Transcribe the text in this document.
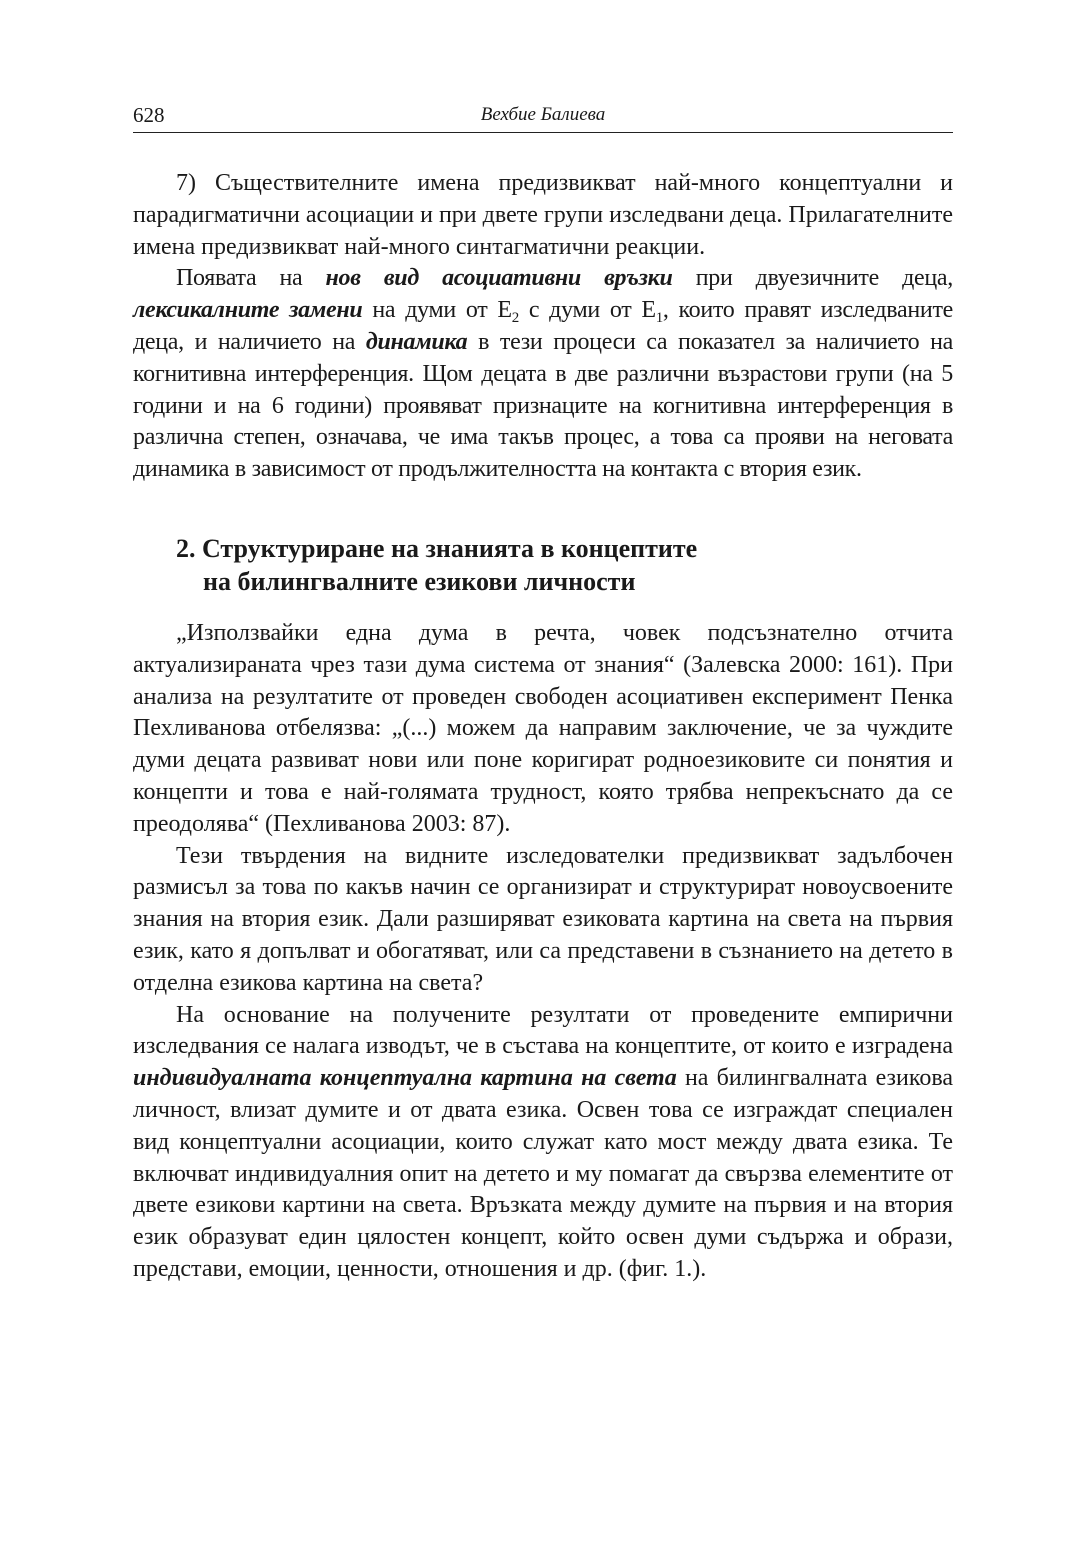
628	Вехбие Балиева

7) Съществителните имена предизвикват най-много концептуални и парадигматични асоциации и при двете групи изследвани деца. Прилагателните имена предизвикват най-много синтагматични реакции.

Появата на нов вид асоциативни връзки при двуезичните деца, лексикалните замени на думи от $Е_2$ с думи от $Е_1$, които правят изследваните деца, и наличието на динамика в тези процеси са показател за наличието на когнитивна интерференция. Щом децата в две различни възрастови групи (на 5 години и на 6 години) проявяват признаците на когнитивна интерференция в различна степен, означава, че има такъв процес, а това са прояви на неговата динамика в зависимост от продължителността на контакта с втория език.

2. Структуриране на знанията в концептите
на билингвалните езикови личности

„Използвайки една дума в речта, човек подсъзнателно отчита актуализираната чрез тази дума система от знания“ (Залевска 2000: 161). При анализа на резултатите от проведен свободен асоциативен експеримент Пенка Пехливанова отбелязва: „(...) можем да направим заключение, че за чуждите думи децата развиват нови или поне коригират родноезиковите си понятия и концепти и това е най-голямата трудност, която трябва непрекъснато да се преодолява“ (Пехливанова 2003: 87).

Тези твърдения на видните изследователки предизвикват задълбочен размисъл за това по какъв начин се организират и структурират новоусвоените знания на втория език. Дали разширяват езиковата картина на света на първия език, като я допълват и обогатяват, или са представени в съзнанието на детето в отделна езикова картина на света?

На основание на получените резултати от проведените емпирични изследвания се налага изводът, че в състава на концептите, от които е изградена индивидуалната концептуална картина на света на билингвалната езикова личност, влизат думите и от двата езика. Освен това се изграждат специален вид концептуални асоциации, които служат като мост между двата езика. Те включват индивидуалния опит на детето и му помагат да свързва елементите от двете езикови картини на света. Връзката между думите на първия и на втория език образуват един цялостен концепт, който освен думи съдържа и образи, представи, емоции, ценности, отношения и др. (фиг. 1.).
